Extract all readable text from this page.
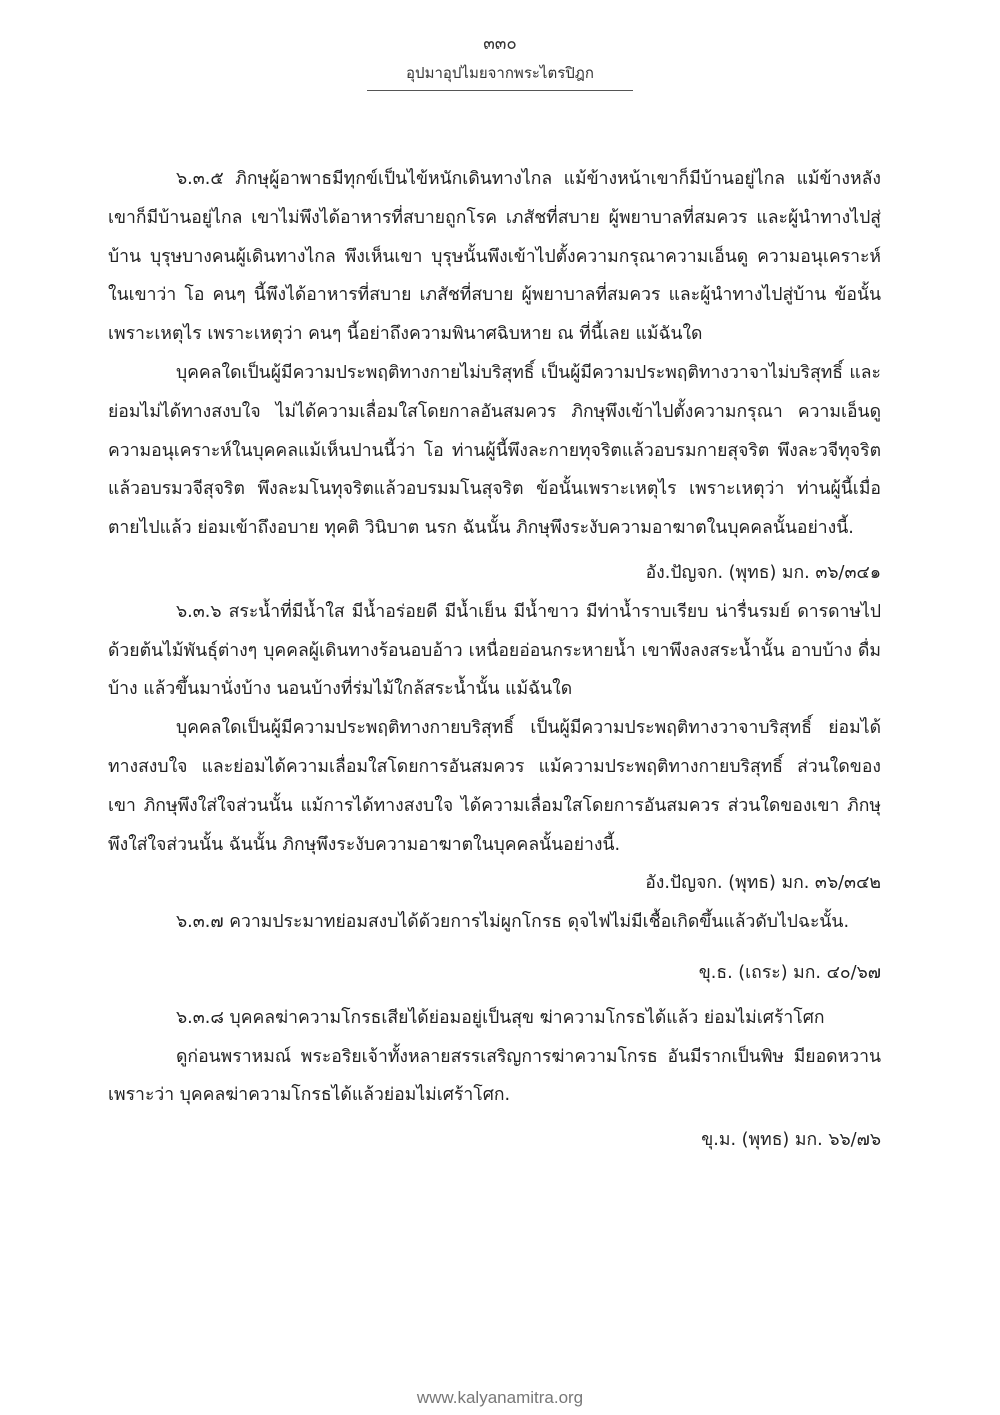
๓๓๐
อุปมาอุปไมยจากพระไตรปิฎก

๖.๓.๕ ภิกษุผู้อาพาธมีทุกข์เป็นไข้หนักเดินทางไกล แม้ข้างหน้าเขาก็มีบ้านอยู่ไกล แม้ข้างหลังเขาก็มีบ้านอยู่ไกล เขาไม่พึงได้อาหารที่สบายถูกโรค เภสัชที่สบาย ผู้พยาบาลที่สมควร และผู้นำทางไปสู่บ้าน บุรุษบางคนผู้เดินทางไกล พึงเห็นเขา บุรุษนั้นพึงเข้าไปตั้งความกรุณาความเอ็นดู ความอนุเคราะห์ในเขาว่า โอ คนๆ นี้พึงได้อาหารที่สบาย เภสัชที่สบาย ผู้พยาบาลที่สมควร และผู้นำทางไปสู่บ้าน ข้อนั้นเพราะเหตุไร เพราะเหตุว่า คนๆ นี้อย่าถึงความพินาศฉิบหาย ณ ที่นี้เลย แม้ฉันใด

บุคคลใดเป็นผู้มีความประพฤติทางกายไม่บริสุทธิ์ เป็นผู้มีความประพฤติทางวาจาไม่บริสุทธิ์ และย่อมไม่ได้ทางสงบใจ ไม่ได้ความเลื่อมใสโดยกาลอันสมควร ภิกษุพึงเข้าไปตั้งความกรุณา ความเอ็นดู ความอนุเคราะห์ในบุคคลแม้เห็นปานนี้ว่า โอ ท่านผู้นี้พึงละกายทุจริตแล้วอบรมกายสุจริต พึงละวจีทุจริตแล้วอบรมวจีสุจริต พึงละมโนทุจริตแล้วอบรมมโนสุจริต ข้อนั้นเพราะเหตุไร เพราะเหตุว่า ท่านผู้นี้เมื่อตายไปแล้ว ย่อมเข้าถึงอบาย ทุคติ วินิบาต นรก ฉันนั้น ภิกษุพึงระงับความอาฆาตในบุคคลนั้นอย่างนี้.

อัง.ปัญจก. (พุทธ) มก. ๓๖/๓๔๑

๖.๓.๖ สระน้ำที่มีน้ำใส มีน้ำอร่อยดี มีน้ำเย็น มีน้ำขาว มีท่าน้ำราบเรียบ น่ารื่นรมย์ ดารดาษไปด้วยต้นไม้พันธุ์ต่างๆ บุคคลผู้เดินทางร้อนอบอ้าว เหนื่อยอ่อนกระหายน้ำ เขาพึงลงสระน้ำนั้น อาบบ้าง ดื่มบ้าง แล้วขึ้นมานั่งบ้าง นอนบ้างที่ร่มไม้ใกล้สระน้ำนั้น แม้ฉันใด

บุคคลใดเป็นผู้มีความประพฤติทางกายบริสุทธิ์ เป็นผู้มีความประพฤติทางวาจาบริสุทธิ์ ย่อมได้ทางสงบใจ และย่อมได้ความเลื่อมใสโดยการอันสมควร แม้ความประพฤติทางกายบริสุทธิ์ ส่วนใดของเขา ภิกษุพึงใส่ใจส่วนนั้น แม้การได้ทางสงบใจ ได้ความเลื่อมใสโดยการอันสมควร ส่วนใดของเขา ภิกษุพึงใส่ใจส่วนนั้น ฉันนั้น ภิกษุพึงระงับความอาฆาตในบุคคลนั้นอย่างนี้.

อัง.ปัญจก. (พุทธ) มก. ๓๖/๓๔๒

๖.๓.๗ ความประมาทย่อมสงบได้ด้วยการไม่ผูกโกรธ ดุจไฟไม่มีเชื้อเกิดขึ้นแล้วดับไปฉะนั้น.

ขุ.ธ. (เถระ) มก. ๔๐/๖๗

๖.๓.๘ บุคคลฆ่าความโกรธเสียได้ย่อมอยู่เป็นสุข ฆ่าความโกรธได้แล้ว ย่อมไม่เศร้าโศก

ดูก่อนพราหมณ์ พระอริยเจ้าทั้งหลายสรรเสริญการฆ่าความโกรธ อันมีรากเป็นพิษ มียอดหวาน เพราะว่า บุคคลฆ่าความโกรธได้แล้วย่อมไม่เศร้าโศก.

ขุ.ม. (พุทธ) มก. ๖๖/๗๖

www.kalyanamitra.org
